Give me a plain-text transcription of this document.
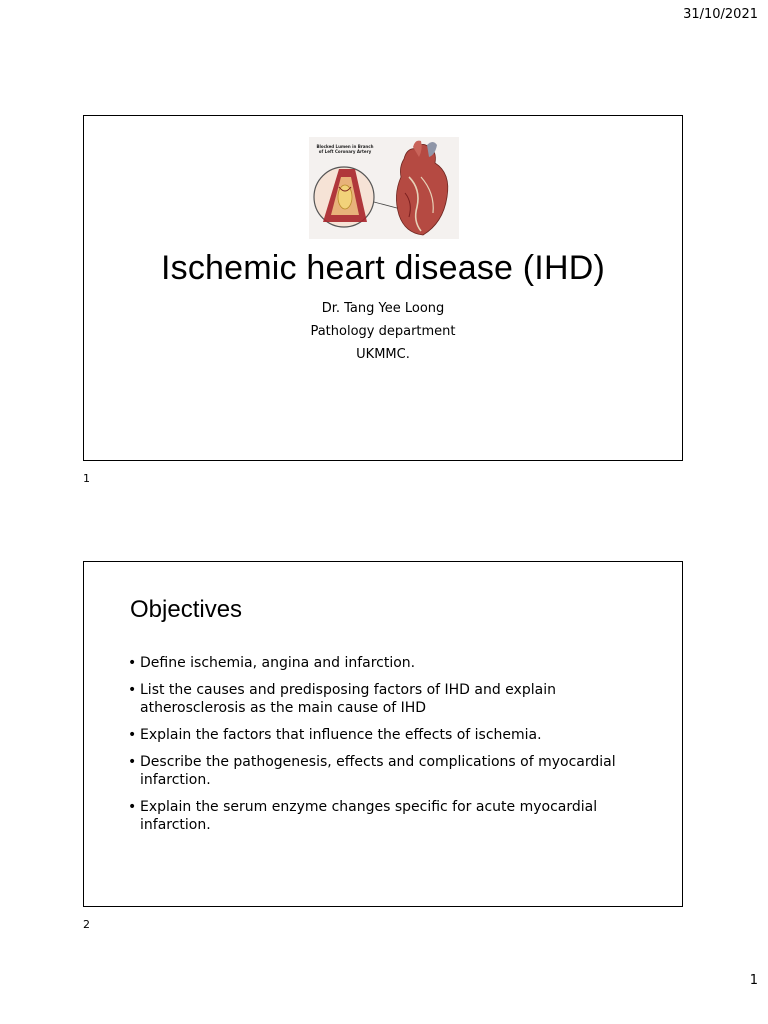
31/10/2021
Blocked Lumen in Branch of Left Coronary Artery
Ischemic heart disease (IHD)
Dr. Tang Yee Loong
Pathology department
UKMMC.
1
Objectives
• Define ischemia, angina and infarction.
• List the causes and predisposing factors of IHD and explain atherosclerosis as the main cause of IHD
• Explain the factors that influence the effects of ischemia.
• Describe the pathogenesis, effects and complications of myocardial infarction.
• Explain the serum enzyme changes specific for acute myocardial infarction.
2
1
